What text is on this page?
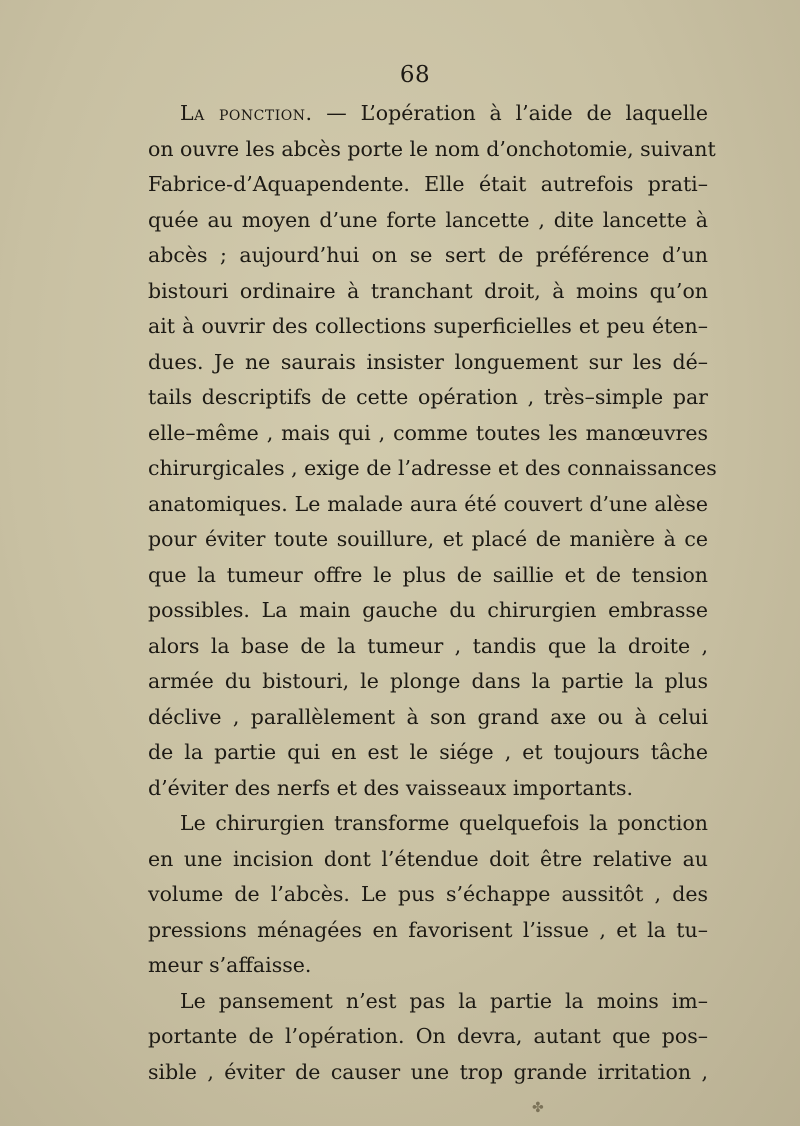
68
La ponction. — L’opération à l’aide de laquelle
on ouvre les abcès porte le nom d’onchotomie, suivant
Fabrice-d’Aquapendente. Elle était autrefois prati–
quée au moyen d’une forte lancette , dite lancette à
abcès ; aujourd’hui on se sert de préférence d’un
bistouri ordinaire à tranchant droit, à moins qu’on
ait à ouvrir des collections superficielles et peu éten–
dues. Je ne saurais insister longuement sur les dé–
tails descriptifs de cette opération , très–simple par
elle–même , mais qui , comme toutes les manœuvres
chirurgicales , exige de l’adresse et des connaissances
anatomiques. Le malade aura été couvert d’une alèse
pour éviter toute souillure, et placé de manière à ce
que la tumeur offre le plus de saillie et de tension
possibles. La main gauche du chirurgien embrasse
alors la base de la tumeur , tandis que la droite ,
armée du bistouri, le plonge dans la partie la plus
déclive , parallèlement à son grand axe ou à celui
de la partie qui en est le siége , et toujours tâche
d’éviter des nerfs et des vaisseaux importants.
Le chirurgien transforme quelquefois la ponction
en une incision dont l’étendue doit être relative au
volume de l’abcès. Le pus s’échappe aussitôt , des
pressions ménagées en favorisent l’issue , et la tu–
meur s’affaisse.
Le pansement n’est pas la partie la moins im–
portante de l’opération. On devra, autant que pos–
sible , éviter de causer une trop grande irritation ,
✤
